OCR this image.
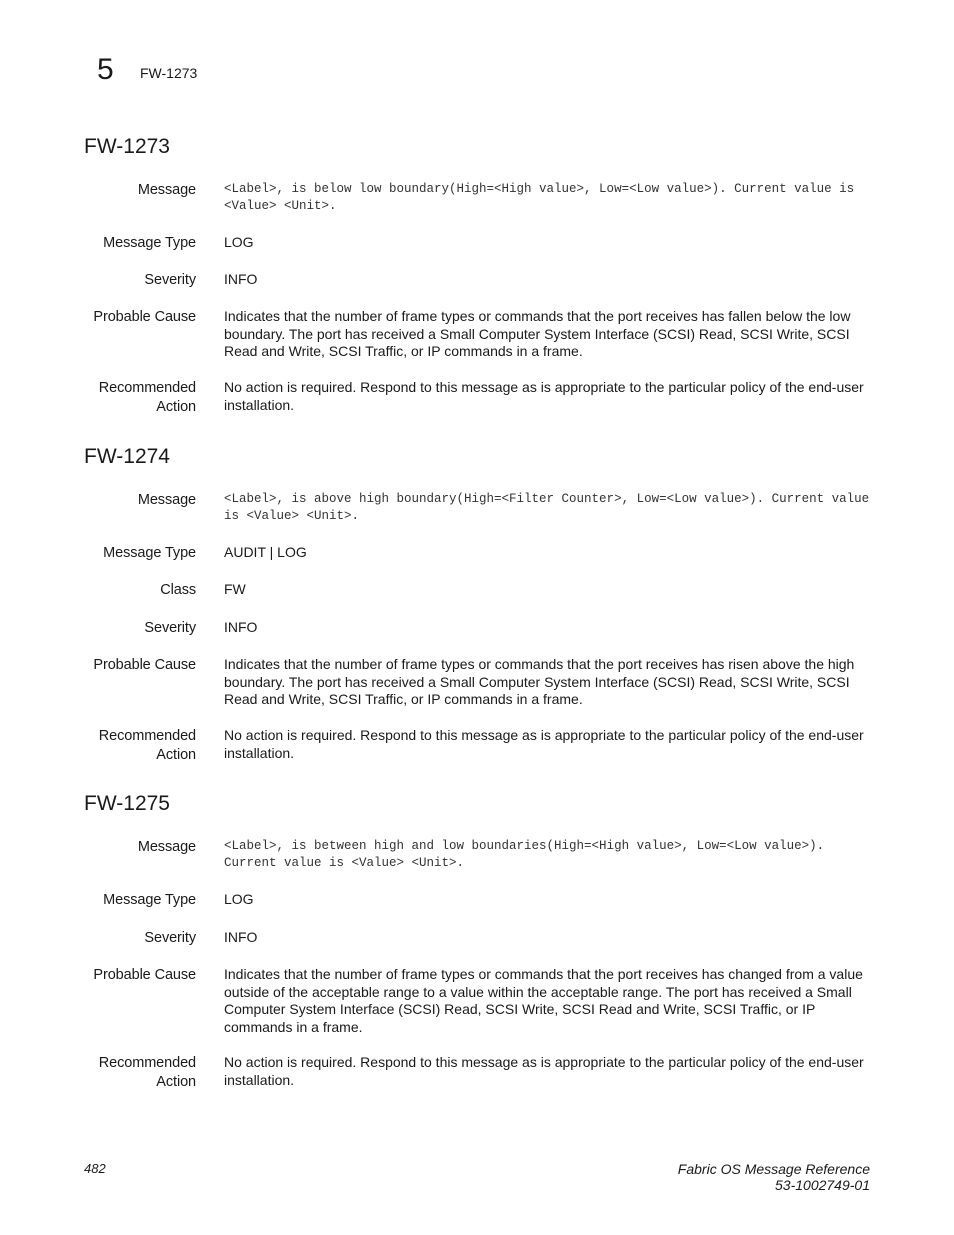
5 FW-1273
FW-1273
Message <Label>, is below low boundary(High=<High value>, Low=<Low value>). Current value is <Value> <Unit>.
Message Type LOG
Severity INFO
Probable Cause Indicates that the number of frame types or commands that the port receives has fallen below the low boundary. The port has received a Small Computer System Interface (SCSI) Read, SCSI Write, SCSI Read and Write, SCSI Traffic, or IP commands in a frame.
Recommended Action
No action is required. Respond to this message as is appropriate to the particular policy of the end-user installation.
FW-1274
Message <Label>, is above high boundary(High=<Filter Counter>, Low=<Low value>). Current value is <Value> <Unit>.
Message Type AUDIT | LOG
Class FW
Severity INFO
Probable Cause Indicates that the number of frame types or commands that the port receives has risen above the high boundary. The port has received a Small Computer System Interface (SCSI) Read, SCSI Write, SCSI Read and Write, SCSI Traffic, or IP commands in a frame.
Recommended Action
No action is required. Respond to this message as is appropriate to the particular policy of the end-user installation.
FW-1275
Message <Label>, is between high and low boundaries(High=<High value>, Low=<Low value>). Current value is <Value> <Unit>.
Message Type LOG
Severity INFO
Probable Cause Indicates that the number of frame types or commands that the port receives has changed from a value outside of the acceptable range to a value within the acceptable range. The port has received a Small Computer System Interface (SCSI) Read, SCSI Write, SCSI Read and Write, SCSI Traffic, or IP commands in a frame.
Recommended Action
No action is required. Respond to this message as is appropriate to the particular policy of the end-user installation.
482	Fabric OS Message Reference
53-1002749-01
